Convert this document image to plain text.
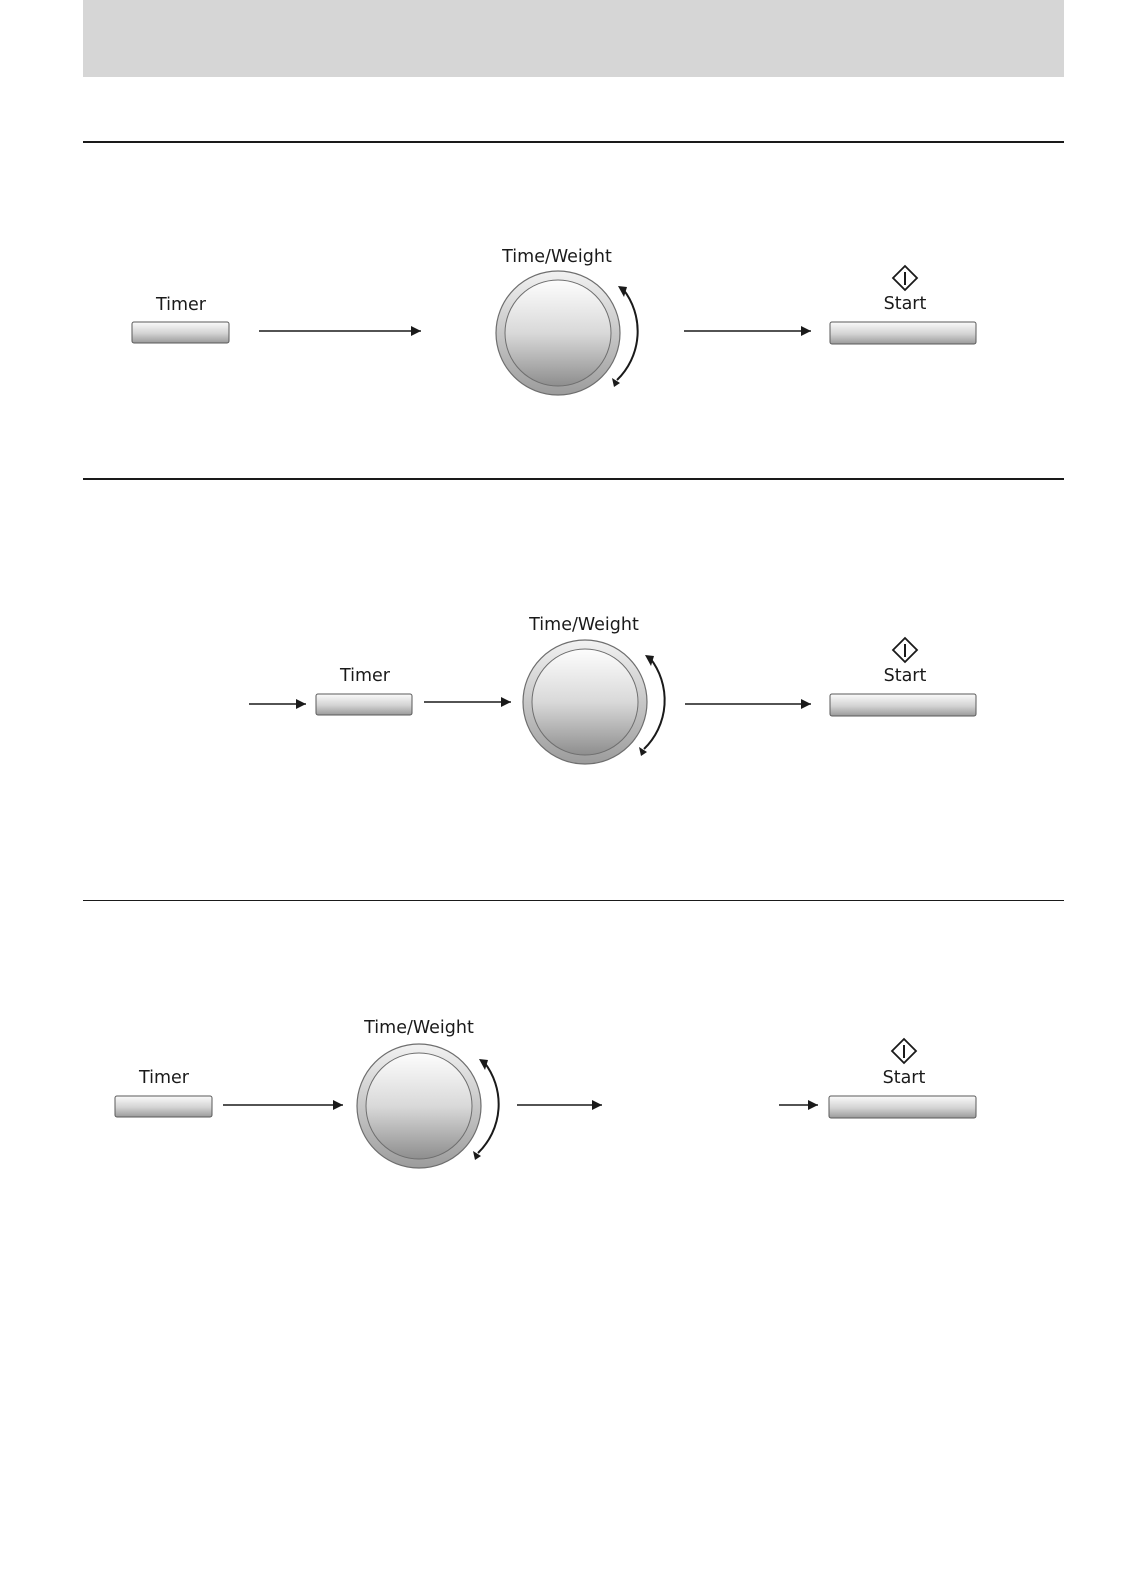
Timer
Time/Weight
Start
Timer
Time/Weight
Start
Timer
Time/Weight
Start
